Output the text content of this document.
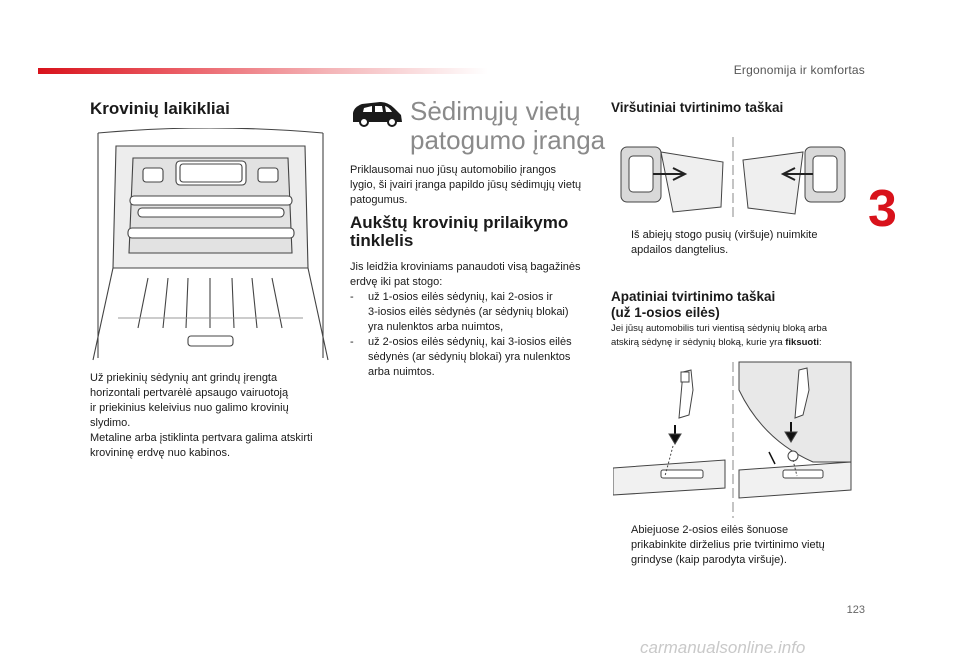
Ergonomija ir komfortas
3
Krovinių laikikliai

Už priekinių sėdynių ant grindų įrengta

horizontali pertvarėlė apsaugo vairuotoją

ir priekinius keleivius nuo galimo krovinių

slydimo.

Metaline arba įstiklinta pertvara galima atskirti

krovininę erdvę nuo kabinos.

Sėdimųjų vietų
patogumo įranga

Priklausomai nuo jūsų automobilio įrangos

lygio, ši įvairi įranga papildo jūsų sėdimųjų vietų

patogumus.

Aukštų krovinių prilaikymo
tinklelis

Jis leidžia kroviniams panaudoti visą bagažinės

erdvę iki pat stogo:

-	už 1-osios eilės sėdynių, kai 2-osios ir
3-iosios eilės sėdynės (ar sėdynių blokai)
yra nulenktos arba nuimtos,
-	už 2-osios eilės sėdynių, kai 3-iosios eilės
sėdynės (ar sėdynių blokai) yra nulenktos
arba nuimtos.
Viršutiniai tvirtinimo taškai
Iš abiejų stogo pusių (viršuje) nuimkite
apdailos dangtelius.
Apatiniai tvirtinimo taškai
(už 1-osios eilės)
Jei jūsų automobilis turi vientisą sėdynių bloką arba
atskirą sėdynę ir sėdynių bloką, kurie yra fiksuoti:
Abiejuose 2-osios eilės šonuose
prikabinkite dirželius prie tvirtinimo vietų
grindyse (kaip parodyta viršuje).
123
carmanualsonline.info
